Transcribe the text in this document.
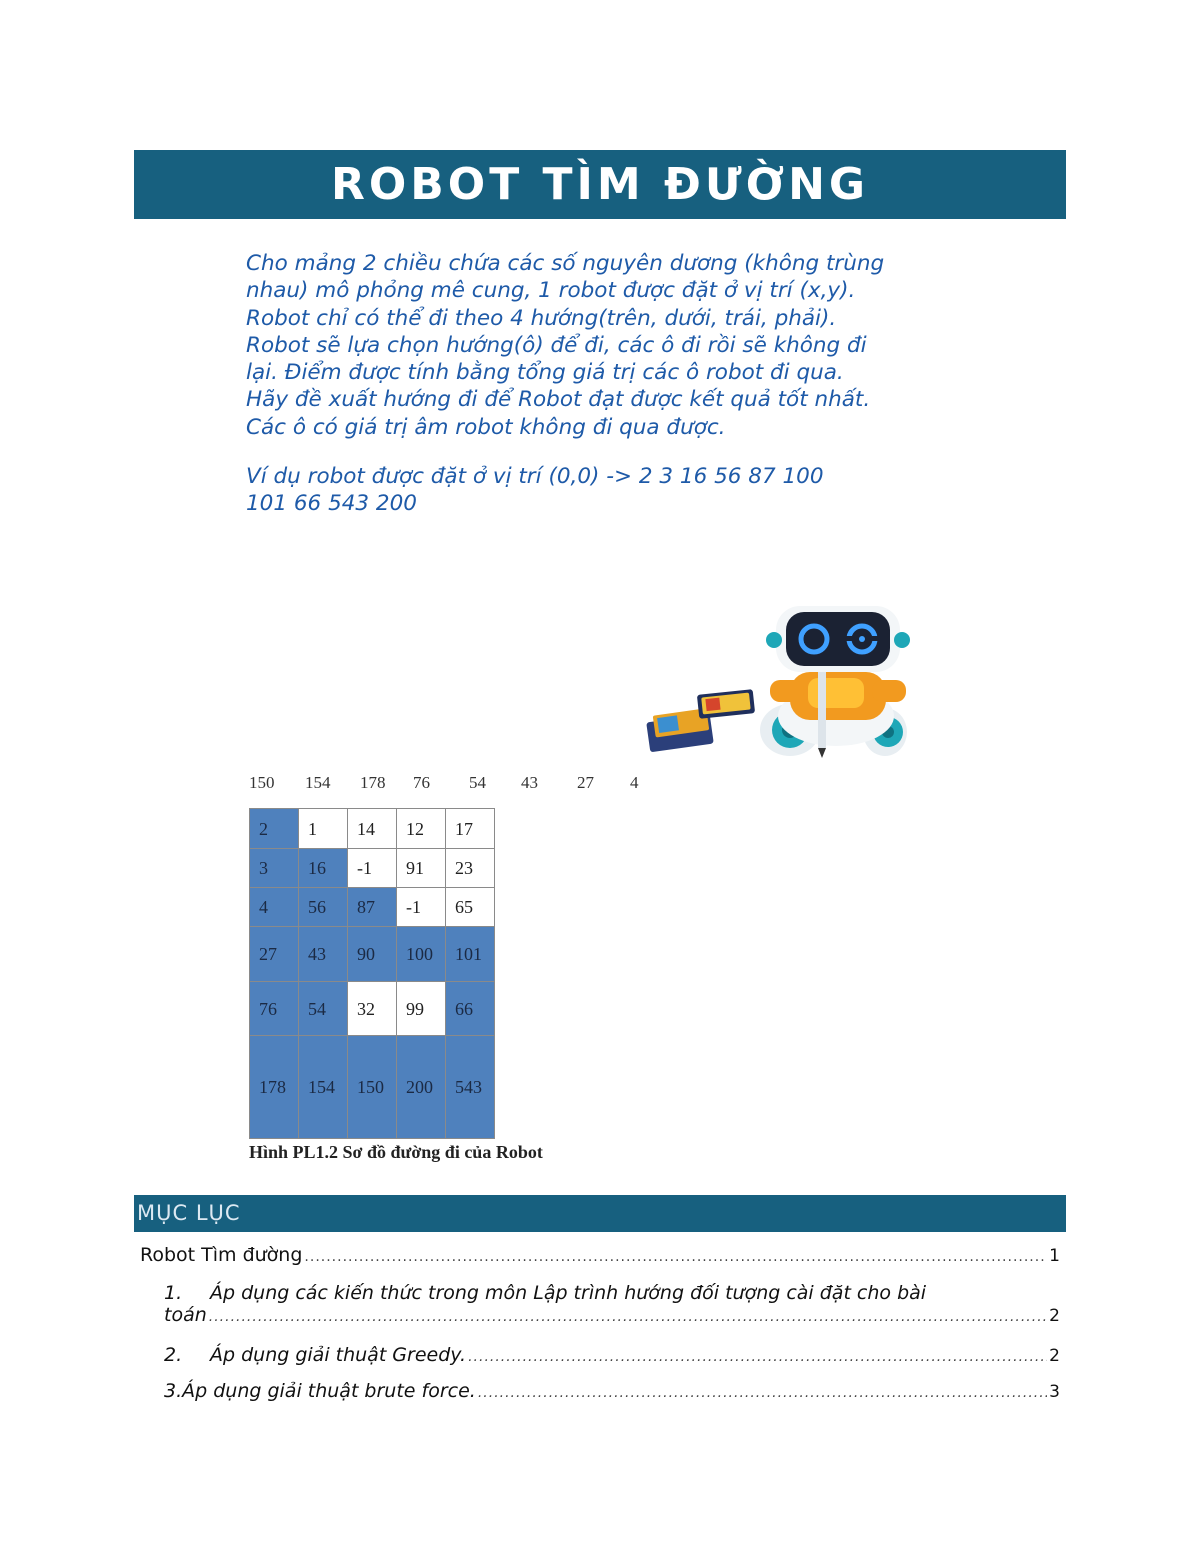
ROBOT TÌM ĐƯỜNG

Cho mảng 2 chiều chứa các số nguyên dương (không trùng

nhau) mô phỏng mê cung, 1 robot được đặt ở vị trí (x,y).

Robot chỉ có thể đi theo 4 hướng(trên, dưới, trái, phải).

Robot sẽ lựa chọn hướng(ô) để đi, các ô đi rồi sẽ không đi

lại. Điểm được tính bằng tổng giá trị các ô robot đi qua.

Hãy đề xuất hướng đi để Robot đạt được kết quả tốt nhất.

Các ô có giá trị âm robot không đi qua được.

Ví dụ robot được đặt ở vị trí (0,0) -> 2 3 16 56 87 100

101 66 543 200

150 154 178 76 54 43 27 4
2	1	14	12	17
3	16	-1	91	23
4	56	87	-1	65
27	43	90	100	101
76	54	32	99	66
178	154	150	200	543
Hình PL1.2 Sơ đồ đường đi của Robot
MỤC LỤC
Robot Tìm đường .....	1
1. Áp dụng các kiến thức trong môn Lập trình hướng đối tượng cài đặt cho bài
toán .....	2
2. Áp dụng giải thuật Greedy. .....	2
3.Áp dụng giải thuật brute force. .....	3
